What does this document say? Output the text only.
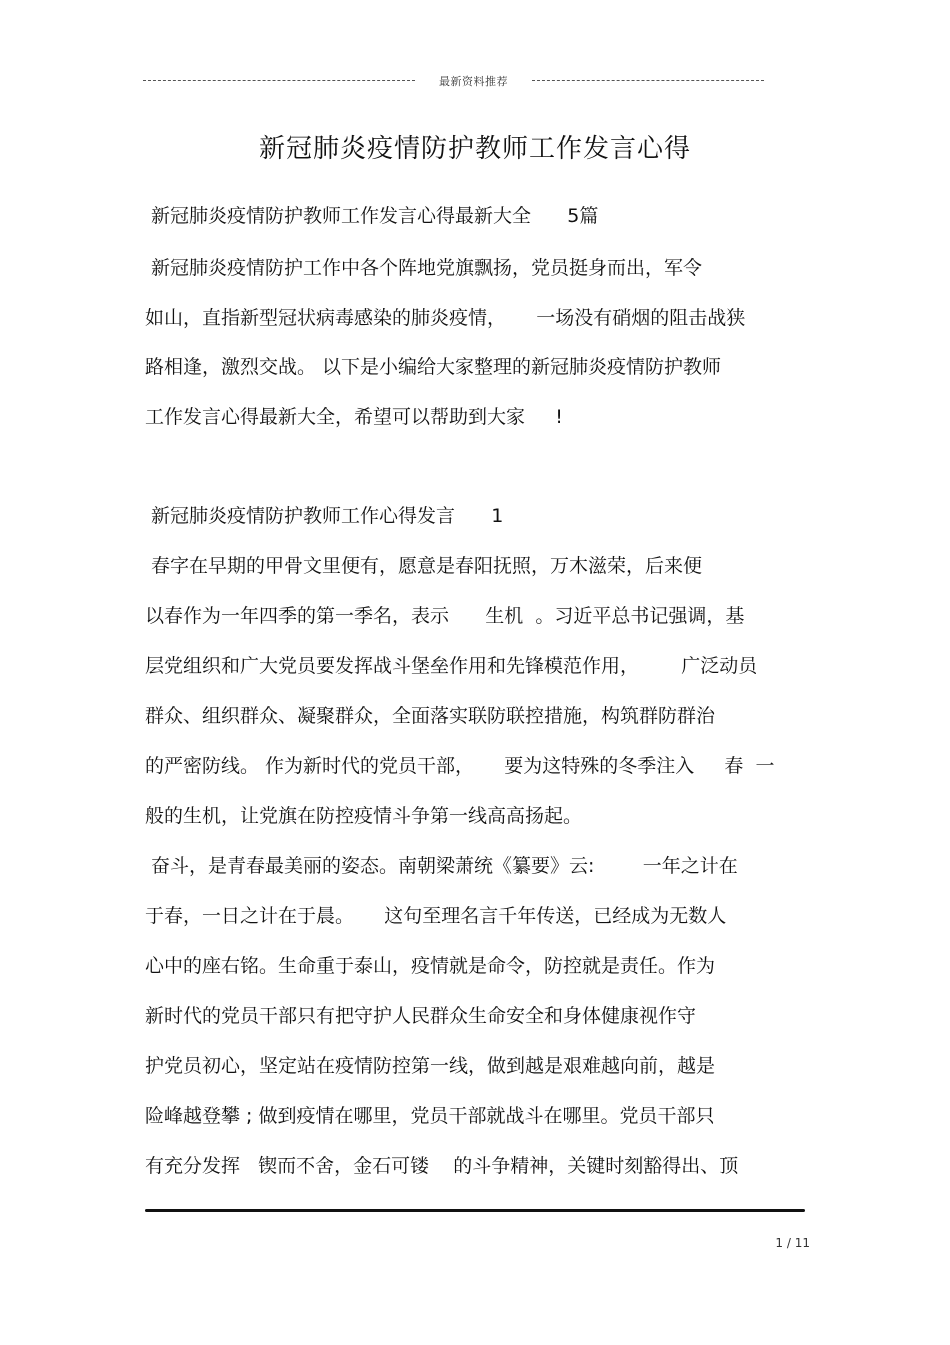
最新资料推荐
新冠肺炎疫情防护教师工作发言心得
新冠肺炎疫情防护教师工作发言心得最新大全      5篇
新冠肺炎疫情防护工作中各个阵地党旗飘扬，党员挺身而出，军令
如山，直指新型冠状病毒感染的肺炎疫情，     一场没有硝烟的阻击战狭
路相逢，激烈交战。 以下是小编给大家整理的新冠肺炎疫情防护教师
工作发言心得最新大全，希望可以帮助到大家     !
新冠肺炎疫情防护教师工作心得发言      1
春字在早期的甲骨文里便有，愿意是春阳抚照，万木滋荣，后来便
以春作为一年四季的第一季名，表示      生机  。习近平总书记强调，基
层党组织和广大党员要发挥战斗堡垒作用和先锋模范作用，       广泛动员
群众、组织群众、凝聚群众，全面落实联防联控措施，构筑群防群治
的严密防线。 作为新时代的党员干部，     要为这特殊的冬季注入     春  一
般的生机，让党旗在防控疫情斗争第一线高高扬起。
奋斗，是青春最美丽的姿态。南朝梁萧统《纂要》云:        一年之计在
于春，一日之计在于晨。     这句至理名言千年传送，已经成为无数人
心中的座右铭。生命重于泰山，疫情就是命令，防控就是责任。作为
新时代的党员干部只有把守护人民群众生命安全和身体健康视作守
护党员初心，坚定站在疫情防控第一线，做到越是艰难越向前，越是
险峰越登攀 ; 做到疫情在哪里，党员干部就战斗在哪里。党员干部只
有充分发挥   锲而不舍，金石可镂    的斗争精神，关键时刻豁得出、顶
1 / 11
